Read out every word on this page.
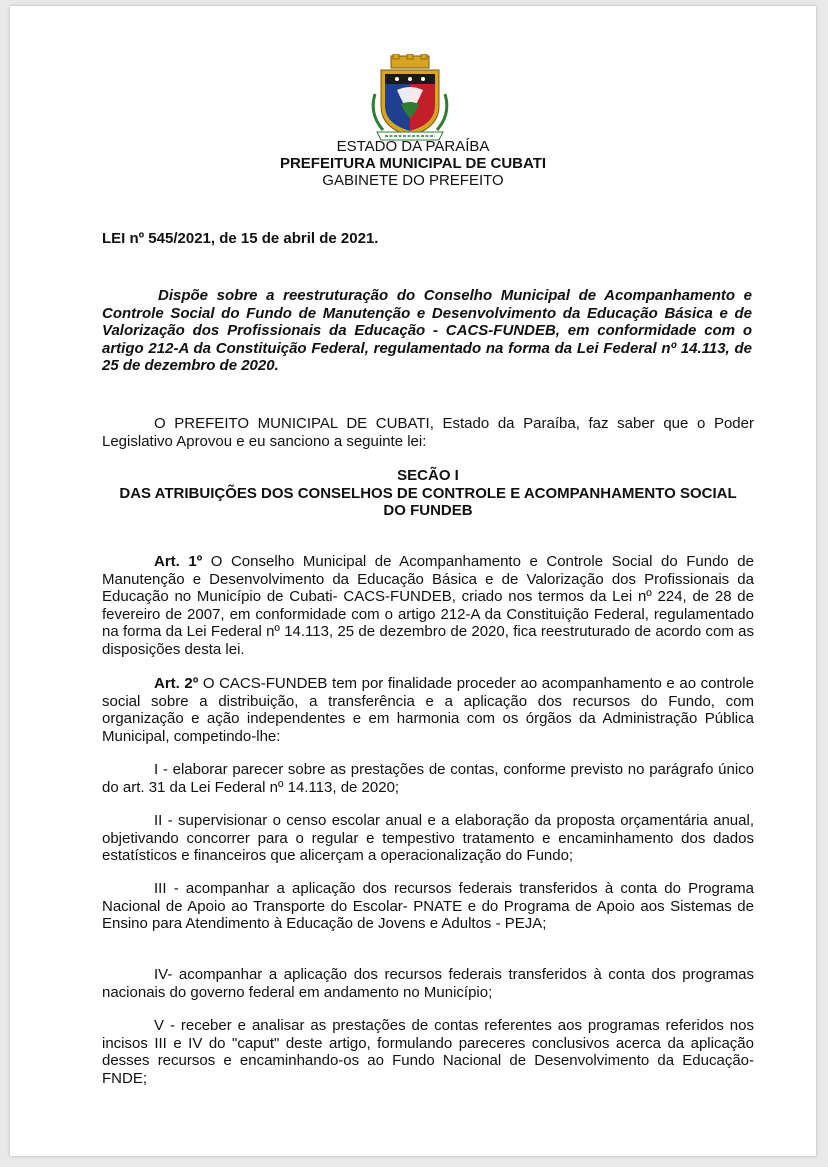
ESTADO DA PARAÍBA
PREFEITURA MUNICIPAL DE CUBATI
GABINETE DO PREFEITO
LEI nº 545/2021, de 15 de abril de 2021.
Dispõe sobre a reestruturação do Conselho Municipal de Acompanhamento e Controle Social do Fundo de Manutenção e Desenvolvimento da Educação Básica e de Valorização dos Profissionais da Educação - CACS-FUNDEB, em conformidade com o artigo 212-A da Constituição Federal, regulamentado na forma da Lei Federal nº 14.113, de 25 de dezembro de 2020.
O PREFEITO MUNICIPAL DE CUBATI, Estado da Paraíba, faz saber que o Poder Legislativo Aprovou e eu sanciono a seguinte lei:
SECÃO I
DAS ATRIBUIÇÕES DOS CONSELHOS DE CONTROLE E ACOMPANHAMENTO SOCIAL DO FUNDEB
Art. 1º O Conselho Municipal de Acompanhamento e Controle Social do Fundo de Manutenção e Desenvolvimento da Educação Básica e de Valorização dos Profissionais da Educação no Município de Cubati- CACS-FUNDEB, criado nos termos da Lei nº 224, de 28 de fevereiro de 2007, em conformidade com o artigo 212-A da Constituição Federal, regulamentado na forma da Lei Federal nº 14.113, 25 de dezembro de 2020, fica reestruturado de acordo com as disposições desta lei.
Art. 2º O CACS-FUNDEB tem por finalidade proceder ao acompanhamento e ao controle social sobre a distribuição, a transferência e a aplicação dos recursos do Fundo, com organização e ação independentes e em harmonia com os órgãos da Administração Pública Municipal, competindo-lhe:
I - elaborar parecer sobre as prestações de contas, conforme previsto no parágrafo único do art. 31 da Lei Federal nº 14.113, de 2020;
II - supervisionar o censo escolar anual e a elaboração da proposta orçamentária anual, objetivando concorrer para o regular e tempestivo tratamento e encaminhamento dos dados estatísticos e financeiros que alicerçam a operacionalização do Fundo;
III - acompanhar a aplicação dos recursos federais transferidos à conta do Programa Nacional de Apoio ao Transporte do Escolar- PNATE e do Programa de Apoio aos Sistemas de Ensino para Atendimento à Educação de Jovens e Adultos - PEJA;
IV- acompanhar a aplicação dos recursos federais transferidos à conta dos programas nacionais do governo federal em andamento no Município;
V - receber e analisar as prestações de contas referentes aos programas referidos nos incisos III e IV do "caput" deste artigo, formulando pareceres conclusivos acerca da aplicação desses recursos e encaminhando-os ao Fundo Nacional de Desenvolvimento da Educação- FNDE;
